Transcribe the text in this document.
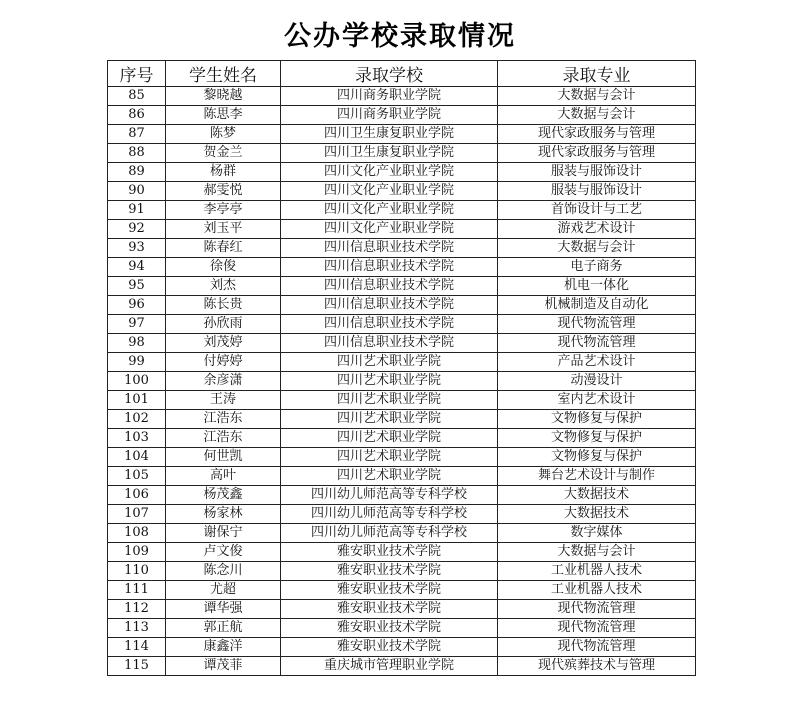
公办学校录取情况
序号	学生姓名	录取学校	录取专业
85	黎晓越	四川商务职业学院	大数据与会计
86	陈思李	四川商务职业学院	大数据与会计
87	陈梦	四川卫生康复职业学院	现代家政服务与管理
88	贺金兰	四川卫生康复职业学院	现代家政服务与管理
89	杨群	四川文化产业职业学院	服装与服饰设计
90	郝雯悦	四川文化产业职业学院	服装与服饰设计
91	李亭亭	四川文化产业职业学院	首饰设计与工艺
92	刘玉平	四川文化产业职业学院	游戏艺术设计
93	陈春红	四川信息职业技术学院	大数据与会计
94	徐俊	四川信息职业技术学院	电子商务
95	刘杰	四川信息职业技术学院	机电一体化
96	陈长贵	四川信息职业技术学院	机械制造及自动化
97	孙欣雨	四川信息职业技术学院	现代物流管理
98	刘茂婷	四川信息职业技术学院	现代物流管理
99	付婷婷	四川艺术职业学院	产品艺术设计
100	余彦潇	四川艺术职业学院	动漫设计
101	王涛	四川艺术职业学院	室内艺术设计
102	江浩东	四川艺术职业学院	文物修复与保护
103	江浩东	四川艺术职业学院	文物修复与保护
104	何世凯	四川艺术职业学院	文物修复与保护
105	高叶	四川艺术职业学院	舞台艺术设计与制作
106	杨茂鑫	四川幼儿师范高等专科学校	大数据技术
107	杨家林	四川幼儿师范高等专科学校	大数据技术
108	谢保宁	四川幼儿师范高等专科学校	数字媒体
109	卢文俊	雅安职业技术学院	大数据与会计
110	陈念川	雅安职业技术学院	工业机器人技术
111	尤超	雅安职业技术学院	工业机器人技术
112	谭华强	雅安职业技术学院	现代物流管理
113	郭正航	雅安职业技术学院	现代物流管理
114	康鑫洋	雅安职业技术学院	现代物流管理
115	谭茂菲	重庆城市管理职业学院	现代殡葬技术与管理
